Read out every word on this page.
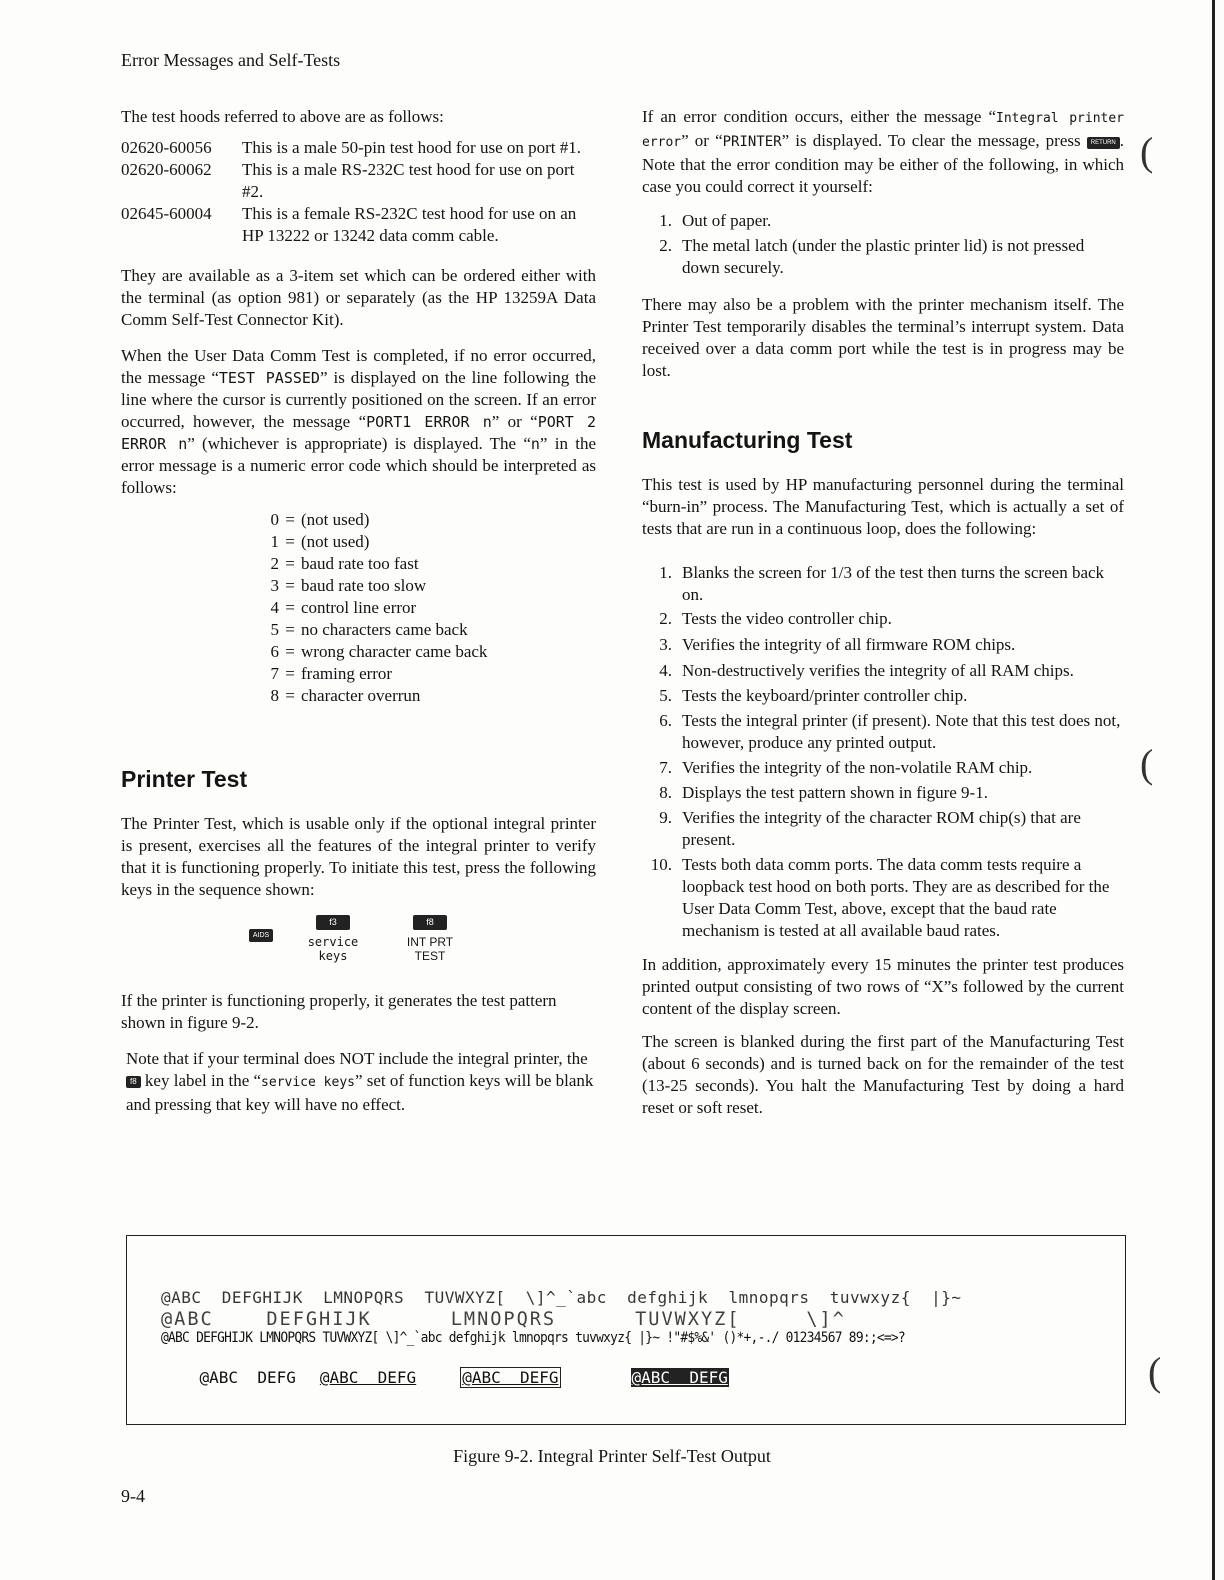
Error Messages and Self-Tests

The test hoods referred to above are as follows:

02620-60056 This is a male 50-pin test hood for use on port #1.
02620-60062 This is a male RS-232C test hood for use on port #2.
02645-60004 This is a female RS-232C test hood for use on an HP 13222 or 13242 data comm cable.

They are available as a 3-item set which can be ordered either with the terminal (as option 981) or separately (as the HP 13259A Data Comm Self-Test Connector Kit).

When the User Data Comm Test is completed, if no error occurred, the message “TEST PASSED” is displayed on the line following the line where the cursor is currently positioned on the screen. If an error occurred, however, the message “PORT1 ERROR n” or “PORT 2 ERROR n” (whichever is appropriate) is displayed. The “n” in the error message is a numeric error code which should be interpreted as follows:

0 = (not used)
1 = (not used)
2 = baud rate too fast
3 = baud rate too slow
4 = control line error
5 = no characters came back
6 = wrong character came back
7 = framing error
8 = character overrun
Printer Test

The Printer Test, which is usable only if the optional integral printer is present, exercises all the features of the integral printer to verify that it is functioning properly. To initiate this test, press the following keys in the sequence shown:

AIDS
f3	f8
service
keys
INT PRT
TEST

If the printer is functioning properly, it generates the test pattern shown in figure 9-2.

Note that if your terminal does NOT include the integral printer, the f8 key label in the “service keys” set of function keys will be blank and pressing that key will have no effect.

If an error condition occurs, either the message “Integral printer error” or “PRINTER” is displayed. To clear the message, press RETURN . Note that the error condition may be either of the following, in which case you could correct it yourself:

1. Out of paper.
2. The metal latch (under the plastic printer lid) is not pressed down securely.

There may also be a problem with the printer mechanism itself. The Printer Test temporarily disables the terminal’s interrupt system. Data received over a data comm port while the test is in progress may be lost.

Manufacturing Test

This test is used by HP manufacturing personnel during the terminal “burn-in” process. The Manufacturing Test, which is actually a set of tests that are run in a continuous loop, does the following:

1. Blanks the screen for 1/3 of the test then turns the screen back on.
2. Tests the video controller chip.
3. Verifies the integrity of all firmware ROM chips.
4. Non-destructively verifies the integrity of all RAM chips.
5. Tests the keyboard/printer controller chip.
6. Tests the integral printer (if present). Note that this test does not, however, produce any printed output.
7. Verifies the integrity of the non-volatile RAM chip.
8. Displays the test pattern shown in figure 9-1.
9. Verifies the integrity of the character ROM chip(s) that are present.
10. Tests both data comm ports. The data comm tests require a loopback test hood on both ports. They are as described for the User Data Comm Test, above, except that the baud rate mechanism is tested at all available baud rates.

In addition, approximately every 15 minutes the printer test produces printed output consisting of two rows of “X”s followed by the current content of the display screen.

The screen is blanked during the first part of the Manufacturing Test (about 6 seconds) and is turned back on for the remainder of the test (13-25 seconds). You halt the Manufacturing Test by doing a hard reset or soft reset.

(
(
(
@ABC  DEFGHIJK  LMNOPQRS  TUVWXYZ[  \]^_`abc  defghijk  lmnopqrs  tuvwxyz{  |}~
@ABC    DEFGHIJK      LMNOPQRS      TUVWXYZ[     \]^
@ABC DEFGHIJK LMNOPQRS TUVWXYZ[ \]^_`abc defghijk lmnopqrs tuvwxyz{ |}~ !"#$%&' ()*+,-./ 01234567 89:;<=>?

@ABC  DEFG @ABC  DEFG	@ABC  DEFG	@ABC  DEFG

Figure 9-2. Integral Printer Self-Test Output
9-4
